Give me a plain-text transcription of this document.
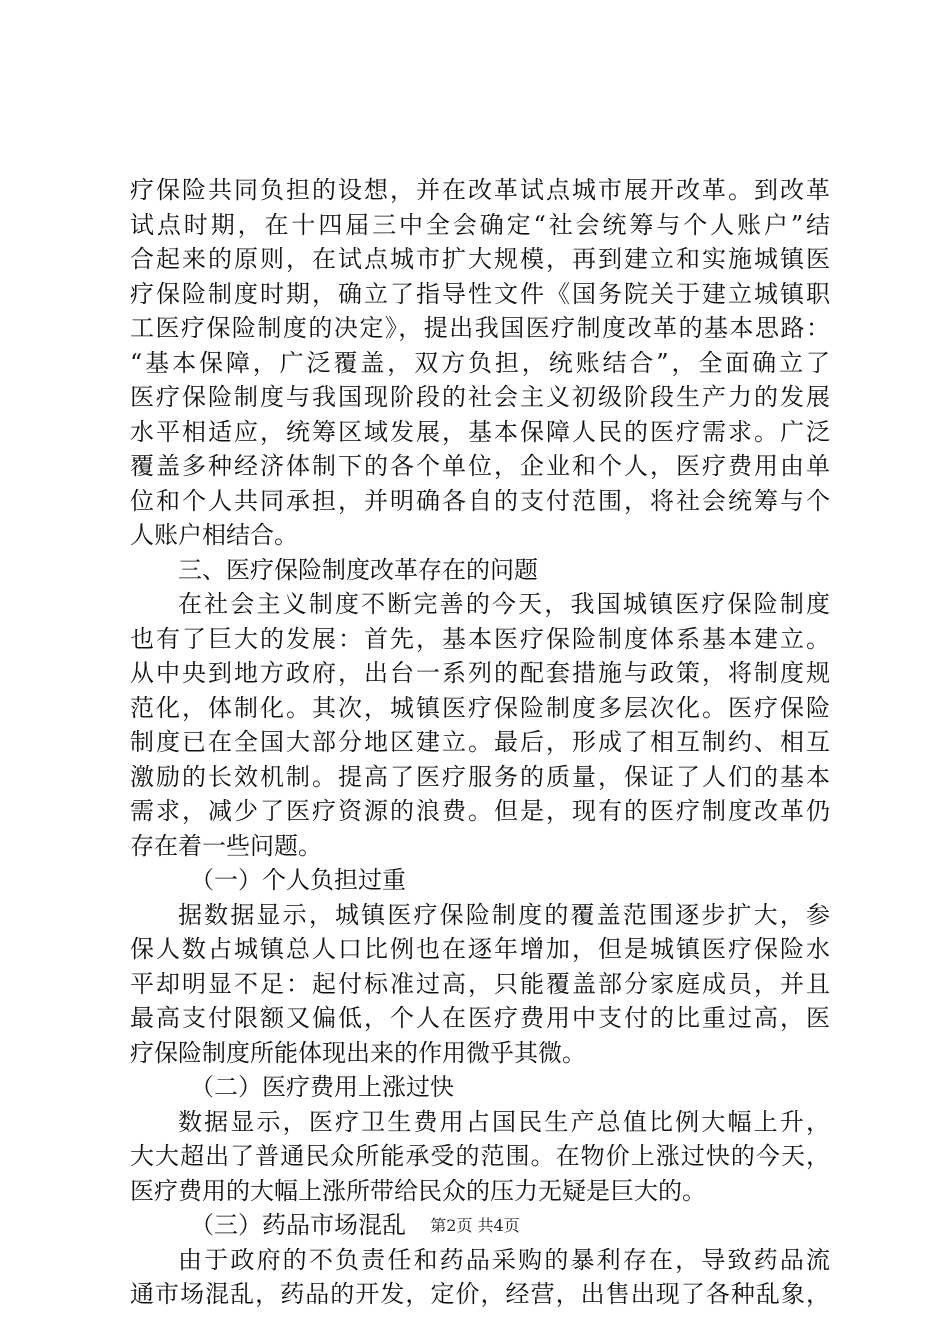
疗保险共同负担的设想，并在改革试点城市展开改革。到改革
试点时期，在十四届三中全会确定“社会统筹与个人账户”结
合起来的原则，在试点城市扩大规模，再到建立和实施城镇医
疗保险制度时期，确立了指导性文件《国务院关于建立城镇职
工医疗保险制度的决定》，提出我国医疗制度改革的基本思路：
“基本保障，广泛覆盖，双方负担，统账结合”，全面确立了
医疗保险制度与我国现阶段的社会主义初级阶段生产力的发展
水平相适应，统筹区域发展，基本保障人民的医疗需求。广泛
覆盖多种经济体制下的各个单位，企业和个人，医疗费用由单
位和个人共同承担，并明确各自的支付范围，将社会统筹与个
人账户相结合。
三、医疗保险制度改革存在的问题
在社会主义制度不断完善的今天，我国城镇医疗保险制度
也有了巨大的发展：首先，基本医疗保险制度体系基本建立。
从中央到地方政府，出台一系列的配套措施与政策，将制度规
范化，体制化。其次，城镇医疗保险制度多层次化。医疗保险
制度已在全国大部分地区建立。最后，形成了相互制约、相互
激励的长效机制。提高了医疗服务的质量，保证了人们的基本
需求，减少了医疗资源的浪费。但是，现有的医疗制度改革仍
存在着一些问题。
（一）个人负担过重
据数据显示，城镇医疗保险制度的覆盖范围逐步扩大，参
保人数占城镇总人口比例也在逐年增加，但是城镇医疗保险水
平却明显不足：起付标准过高，只能覆盖部分家庭成员，并且
最高支付限额又偏低，个人在医疗费用中支付的比重过高，医
疗保险制度所能体现出来的作用微乎其微。
（二）医疗费用上涨过快
数据显示，医疗卫生费用占国民生产总值比例大幅上升，
大大超出了普通民众所能承受的范围。在物价上涨过快的今天，
医疗费用的大幅上涨所带给民众的压力无疑是巨大的。
（三）药品市场混乱
由于政府的不负责任和药品采购的暴利存在，导致药品流
通市场混乱，药品的开发，定价，经营，出售出现了各种乱象，
第2页 共4页
